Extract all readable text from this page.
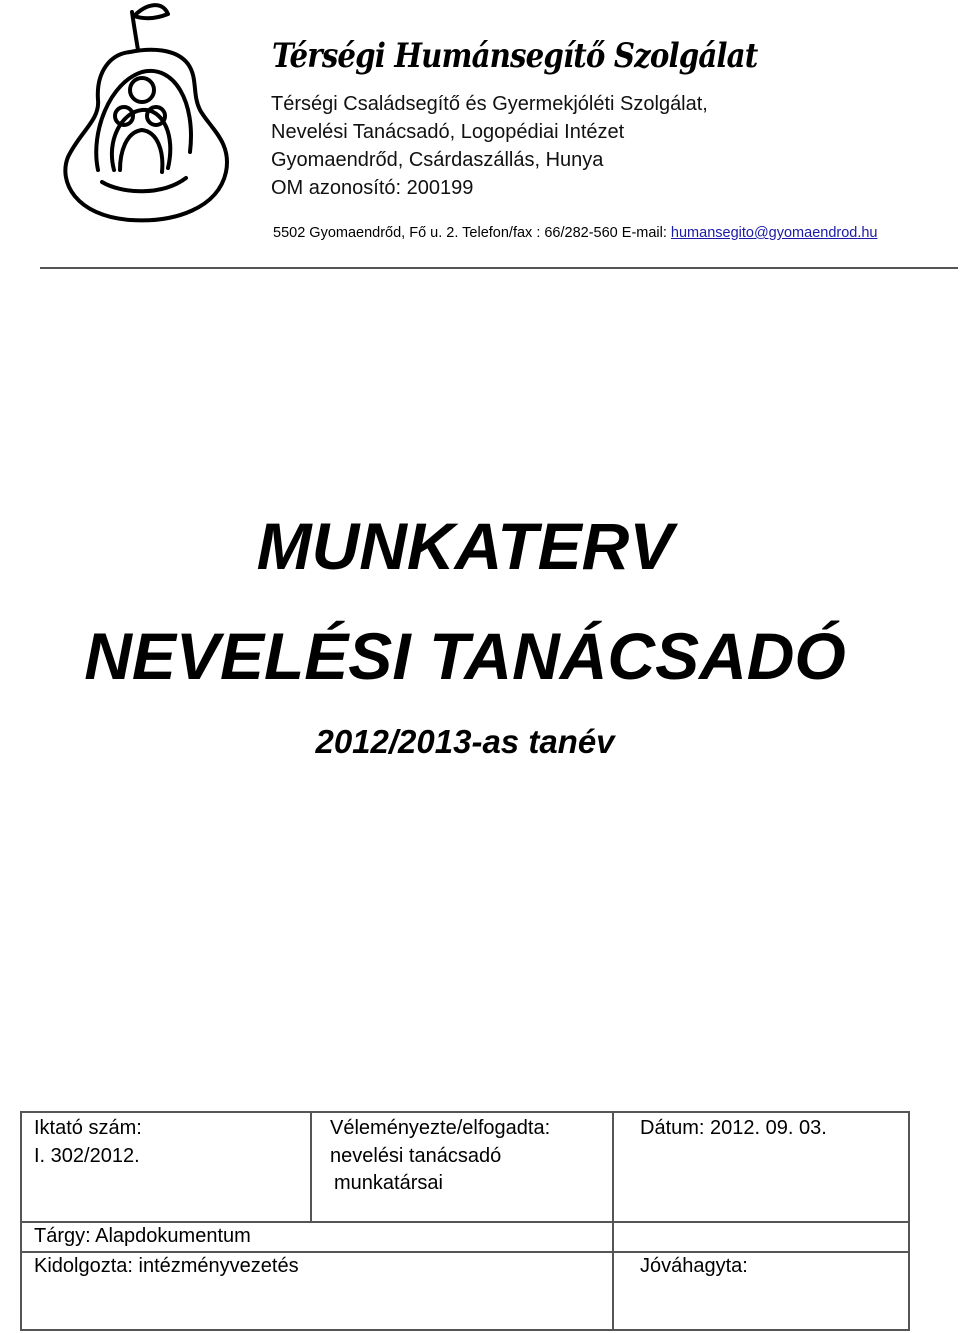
Térségi Humánsegítő Szolgálat
Térségi Családsegítő és Gyermekjóléti Szolgálat,
Nevelési Tanácsadó, Logopédiai Intézet
Gyomaendrőd, Csárdaszállás, Hunya
OM azonosító: 200199
5502 Gyomaendrőd, Fő u. 2. Telefon/fax : 66/282-560 E-mail: humansegito@gyomaendrod.hu
MUNKATERV
NEVELÉSI TANÁCSADÓ
2012/2013-as tanév
Iktató szám:
I. 302/2012.
Véleményezte/elfogadta:
nevelési tanácsadó
munkatársai
Dátum: 2012. 09. 03.
Tárgy: Alapdokumentum
Kidolgozta: intézményvezetés	Jóváhagyta:
